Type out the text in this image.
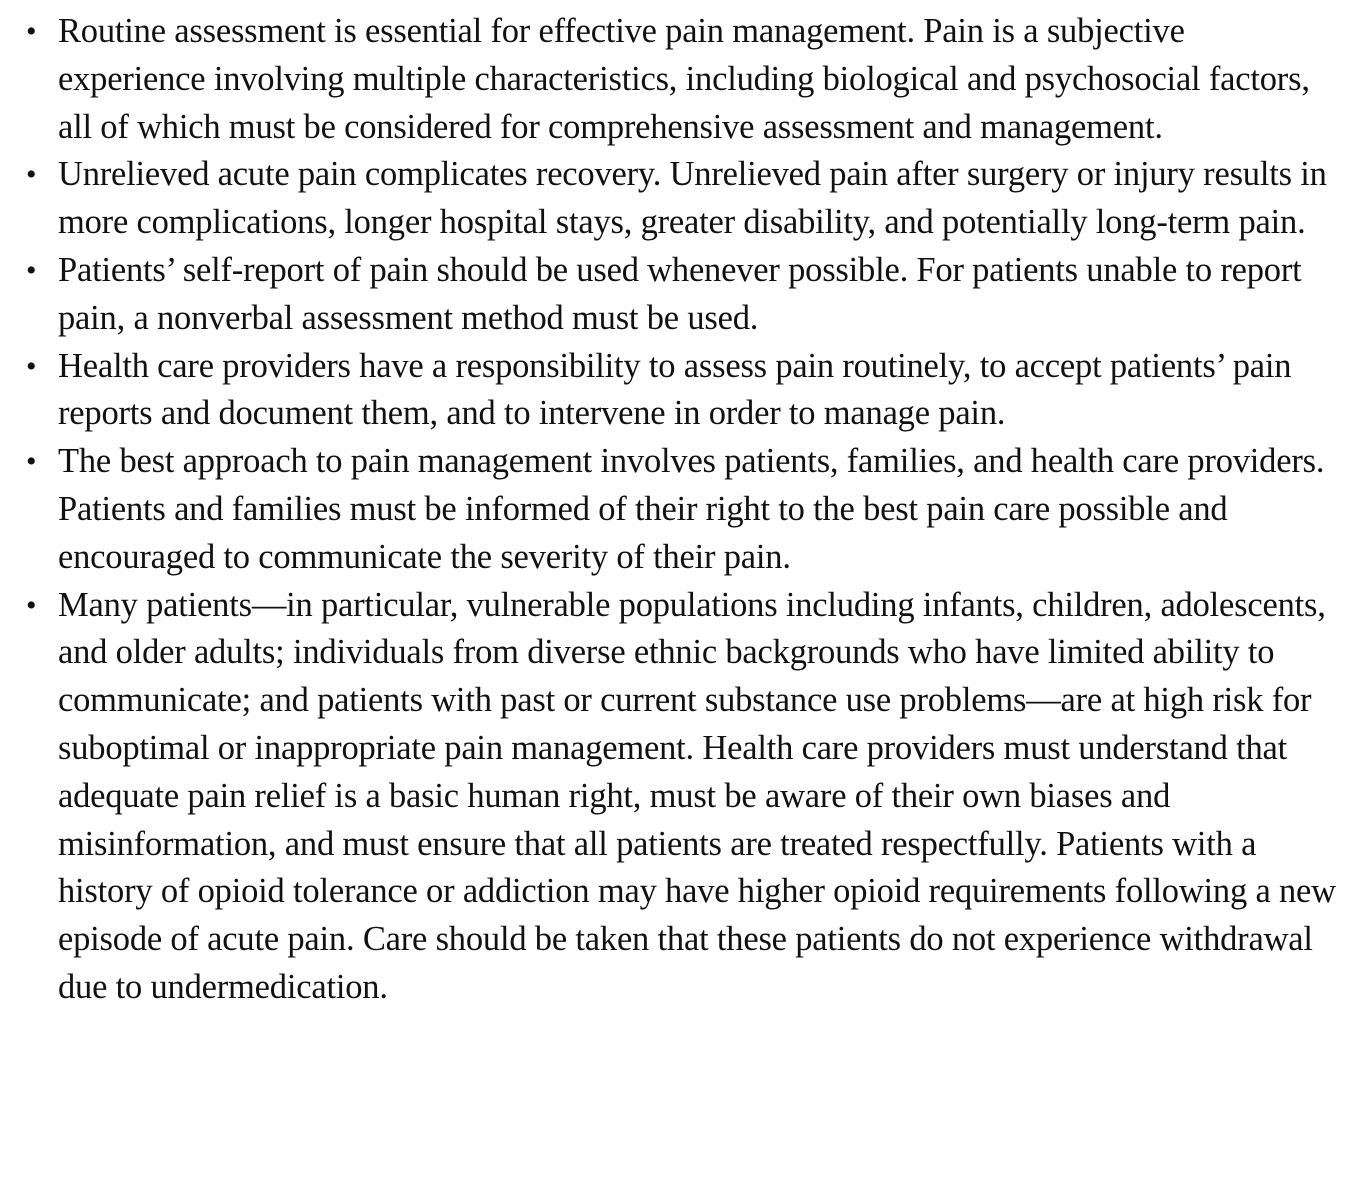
• Routine assessment is essential for effective pain management. Pain is a subjective experience involving multiple characteristics, including biological and psychosocial factors, all of which must be considered for comprehensive assessment and management.
• Unrelieved acute pain complicates recovery. Unrelieved pain after surgery or injury results in more complications, longer hospital stays, greater disability, and potentially long-term pain.
• Patients’ self-report of pain should be used whenever possible. For patients unable to report pain, a nonverbal assessment method must be used.
• Health care providers have a responsibility to assess pain routinely, to accept patients’ pain reports and document them, and to intervene in order to manage pain.
• The best approach to pain management involves patients, families, and health care providers. Patients and families must be informed of their right to the best pain care possible and encouraged to communicate the severity of their pain.
• Many patients—in particular, vulnerable populations including infants, children, adolescents, and older adults; individuals from diverse ethnic backgrounds who have limited ability to communicate; and patients with past or current substance use problems—are at high risk for suboptimal or inappropriate pain management. Health care providers must understand that adequate pain relief is a basic human right, must be aware of their own biases and misinformation, and must ensure that all patients are treated respectfully. Patients with a history of opioid tolerance or addiction may have higher opioid requirements following a new episode of acute pain. Care should be taken that these patients do not experience withdrawal due to undermedication.
